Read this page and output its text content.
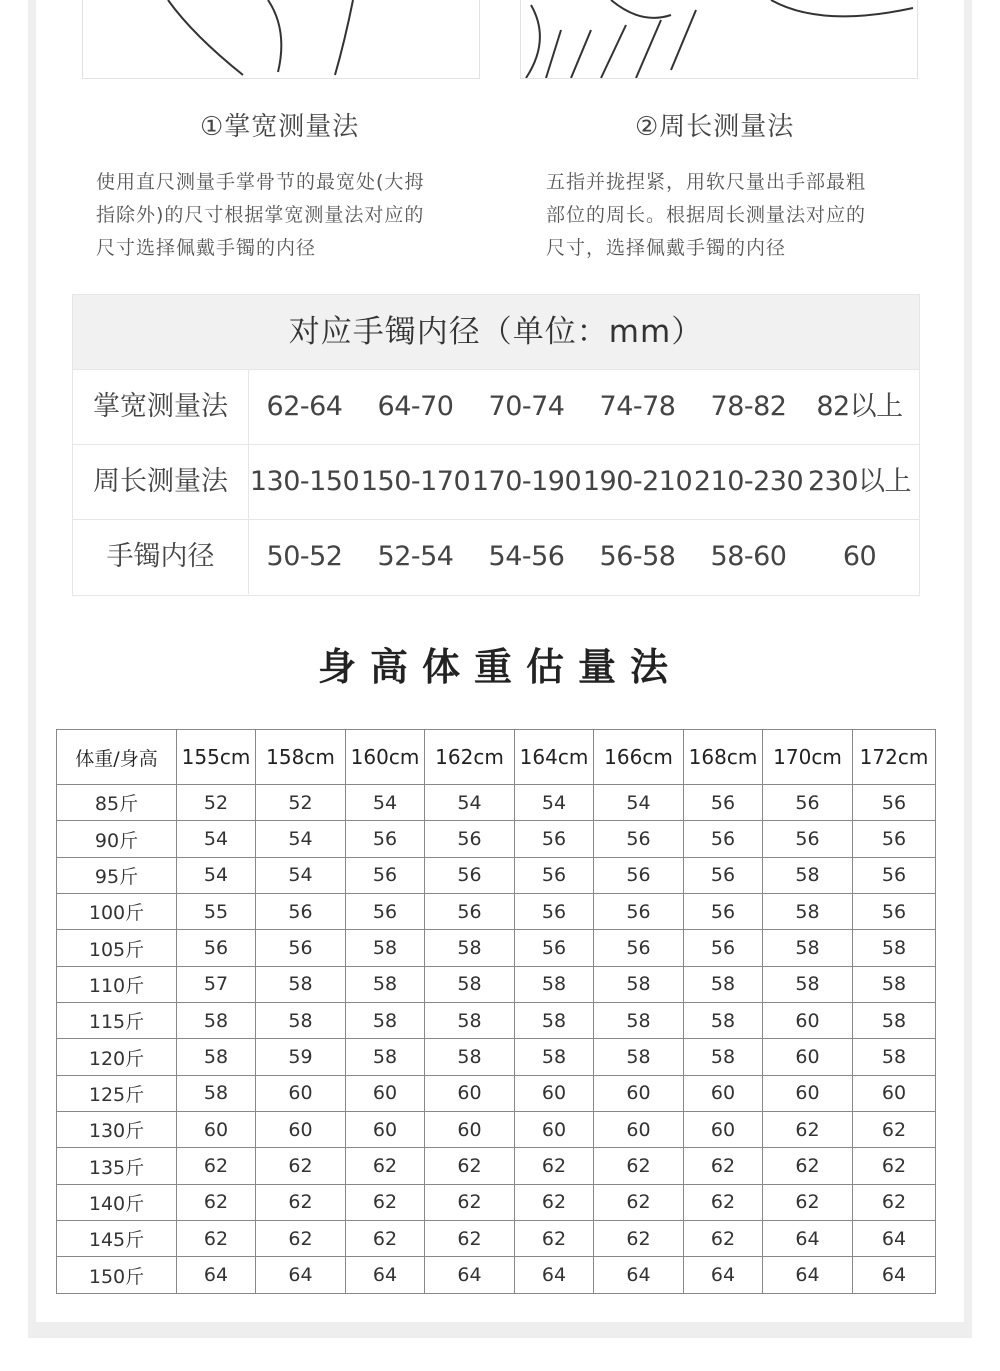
①掌宽测量法	②周长测量法
使用直尺测量手掌骨节的最宽处(大拇
指除外)的尺寸根据掌宽测量法对应的
尺寸选择佩戴手镯的内径
五指并拢捏紧，用软尺量出手部最粗
部位的周长。根据周长测量法对应的
尺寸，选择佩戴手镯的内径
对应手镯内径（单位：mm）
掌宽测量法	62-64	64-70	70-74	74-78	78-82	82以上
周长测量法 130-150 150-170 170-190 190-210 210-230 230以上
手镯内径	50-52	52-54	54-56	56-58	58-60	60
身高体重估量法
体重/身高	155cm	158cm	160cm	162cm	164cm	166cm	168cm	170cm	172cm
85斤	52	52	54	54	54	54	56	56	56
90斤	54	54	56	56	56	56	56	56	56
95斤	54	54	56	56	56	56	56	58	56
100斤	55	56	56	56	56	56	56	58	56
105斤	56	56	58	58	56	56	56	58	58
110斤	57	58	58	58	58	58	58	58	58
115斤	58	58	58	58	58	58	58	60	58
120斤	58	59	58	58	58	58	58	60	58
125斤	58	60	60	60	60	60	60	60	60
130斤	60	60	60	60	60	60	60	62	62
135斤	62	62	62	62	62	62	62	62	62
140斤	62	62	62	62	62	62	62	62	62
145斤	62	62	62	62	62	62	62	64	64
150斤	64	64	64	64	64	64	64	64	64
